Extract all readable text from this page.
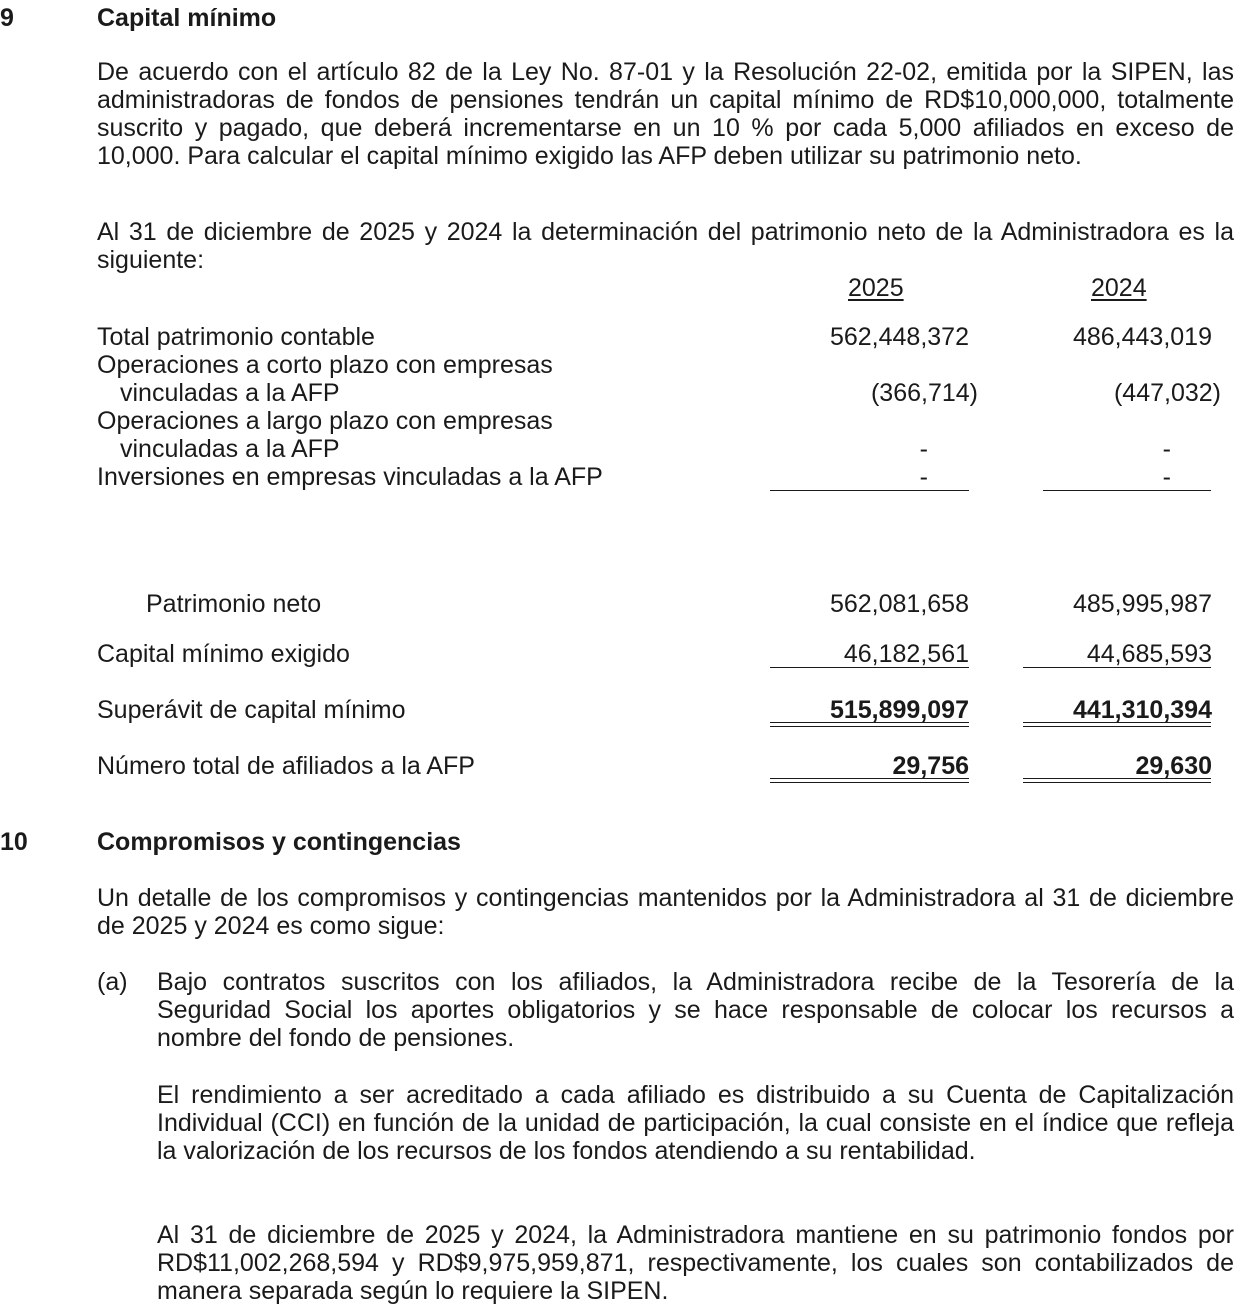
9	Capital mínimo
De acuerdo con el artículo 82 de la Ley No. 87-01 y la Resolución 22-02, emitida por la SIPEN, las administradoras de fondos de pensiones tendrán un capital mínimo de RD$10,000,000, totalmente suscrito y pagado, que deberá incrementarse en un 10 % por cada 5,000 afiliados en exceso de 10,000. Para calcular el capital mínimo exigido las AFP deben utilizar su patrimonio neto.
Al 31 de diciembre de 2025 y 2024 la determinación del patrimonio neto de la Administradora es la siguiente:
2025	2024
Total patrimonio contable	562,448,372	486,443,019
Operaciones a corto plazo con empresas
vinculadas a la AFP	(366,714)	(447,032)
Operaciones a largo plazo con empresas
vinculadas a la AFP	-	-
Inversiones en empresas vinculadas a la AFP	-	-
Patrimonio neto	562,081,658	485,995,987
Capital mínimo exigido	46,182,561	44,685,593
Superávit de capital mínimo	515,899,097	441,310,394
Número total de afiliados a la AFP	29,756	29,630
10	Compromisos y contingencias
Un detalle de los compromisos y contingencias mantenidos por la Administradora al 31 de diciembre de 2025 y 2024 es como sigue:
(a) Bajo contratos suscritos con los afiliados, la Administradora recibe de la Tesorería de la Seguridad Social los aportes obligatorios y se hace responsable de colocar los recursos a nombre del fondo de pensiones.
El rendimiento a ser acreditado a cada afiliado es distribuido a su Cuenta de Capitalización Individual (CCI) en función de la unidad de participación, la cual consiste en el índice que refleja la valorización de los recursos de los fondos atendiendo a su rentabilidad.
Al 31 de diciembre de 2025 y 2024, la Administradora mantiene en su patrimonio fondos por RD$11,002,268,594 y RD$9,975,959,871, respectivamente, los cuales son contabilizados de manera separada según lo requiere la SIPEN.
